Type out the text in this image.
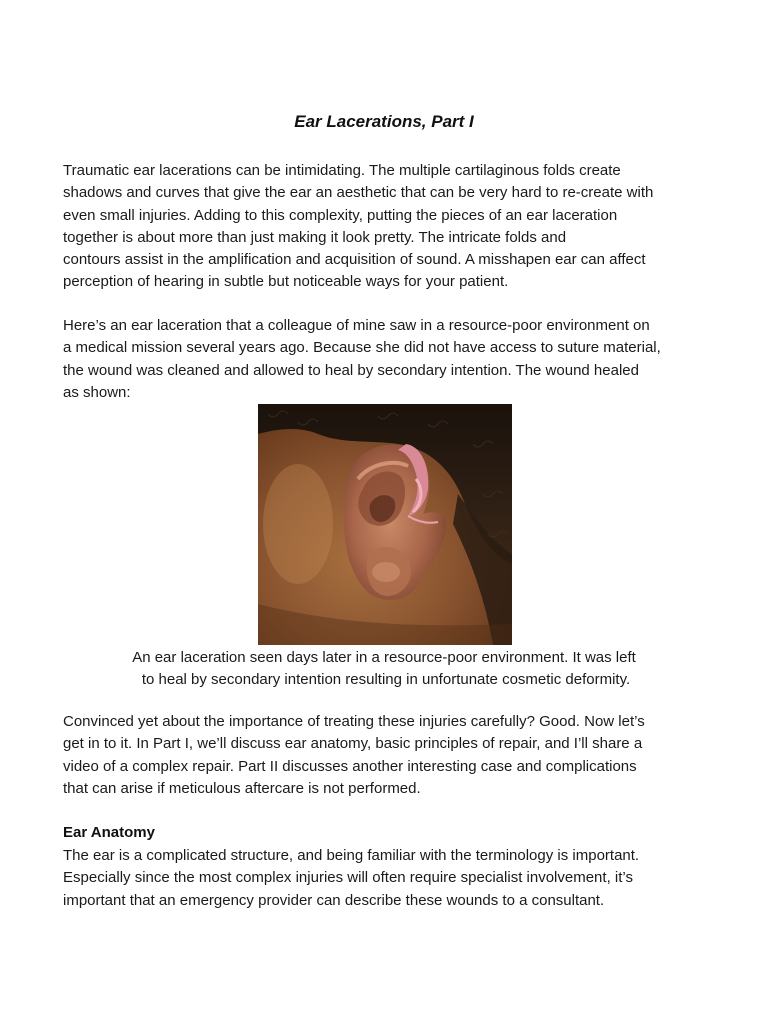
Ear Lacerations, Part I
Traumatic ear lacerations can be intimidating. The multiple cartilaginous folds create
shadows and curves that give the ear an aesthetic that can be very hard to re-create with
even small injuries. Adding to this complexity, putting the pieces of an ear laceration
together is about more than just making it look pretty. The intricate folds and
contours assist in the amplification and acquisition of sound. A misshapen ear can affect
perception of hearing in subtle but noticeable ways for your patient.
Here’s an ear laceration that a colleague of mine saw in a resource-poor environment on
a medical mission several years ago. Because she did not have access to suture material,
the wound was cleaned and allowed to heal by secondary intention. The wound healed
as shown:
An ear laceration seen days later in a resource-poor environment. It was left
to heal by secondary intention resulting in unfortunate cosmetic deformity.
Convinced yet about the importance of treating these injuries carefully? Good. Now let’s
get in to it. In Part I, we’ll discuss ear anatomy, basic principles of repair, and I’ll share a
video of a complex repair. Part II discusses another interesting case and complications
that can arise if meticulous aftercare is not performed.
Ear Anatomy
The ear is a complicated structure, and being familiar with the terminology is important.
Especially since the most complex injuries will often require specialist involvement, it’s
important that an emergency provider can describe these wounds to a consultant.
